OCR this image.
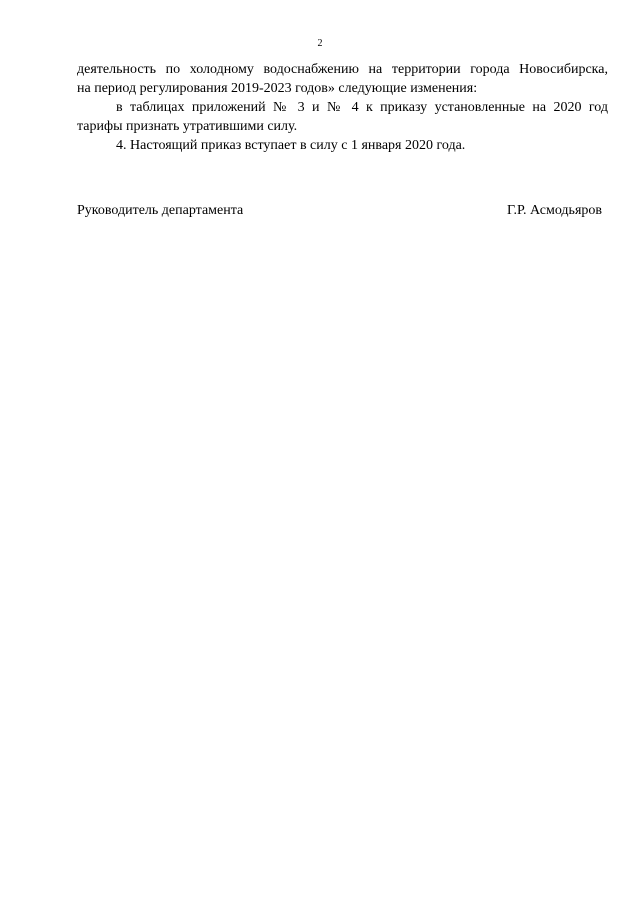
2
деятельность по холодному водоснабжению на территории города Новосибирска,
на период регулирования 2019-2023 годов» следующие изменения:
в таблицах приложений № 3 и № 4 к приказу установленные на 2020 год
тарифы признать утратившими силу.
4. Настоящий приказ вступает в силу с 1 января 2020 года.
Руководитель департамента	Г.Р. Асмодьяров
